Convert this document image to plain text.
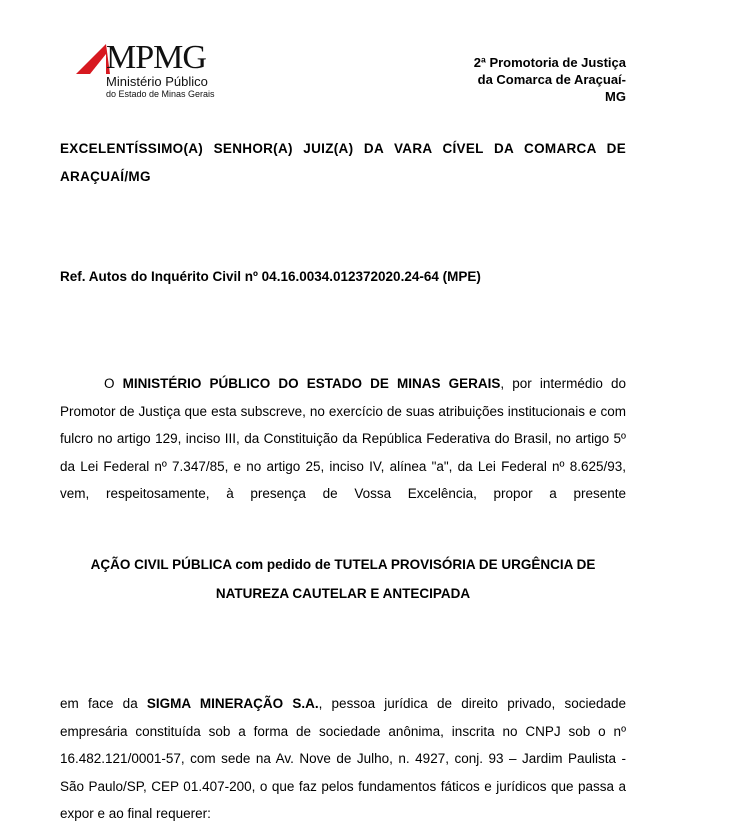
MPMG
Ministério Público
do Estado de Minas Gerais
2ª Promotoria de Justiça
da Comarca de Araçuaí-
MG
EXCELENTÍSSIMO(A) SENHOR(A) JUIZ(A) DA VARA CÍVEL DA COMARCA DE ARAÇUAÍ/MG
Ref. Autos do Inquérito Civil nº 04.16.0034.012372020.24-64 (MPE)
O MINISTÉRIO PÚBLICO DO ESTADO DE MINAS GERAIS, por intermédio do Promotor de Justiça que esta subscreve, no exercício de suas atribuições institucionais e com fulcro no artigo 129, inciso III, da Constituição da República Federativa do Brasil, no artigo 5º da Lei Federal nº 7.347/85, e no artigo 25, inciso IV, alínea "a", da Lei Federal nº 8.625/93, vem, respeitosamente, à presença de Vossa Excelência, propor a presente
AÇÃO CIVIL PÚBLICA com pedido de TUTELA PROVISÓRIA DE URGÊNCIA DE
NATUREZA CAUTELAR E ANTECIPADA
em face da SIGMA MINERAÇÃO S.A., pessoa jurídica de direito privado, sociedade empresária constituída sob a forma de sociedade anônima, inscrita no CNPJ sob o nº 16.482.121/0001-57, com sede na Av. Nove de Julho, n. 4927, conj. 93 – Jardim Paulista - São Paulo/SP, CEP 01.407-200, o que faz pelos fundamentos fáticos e jurídicos que passa a expor e ao final requerer:
